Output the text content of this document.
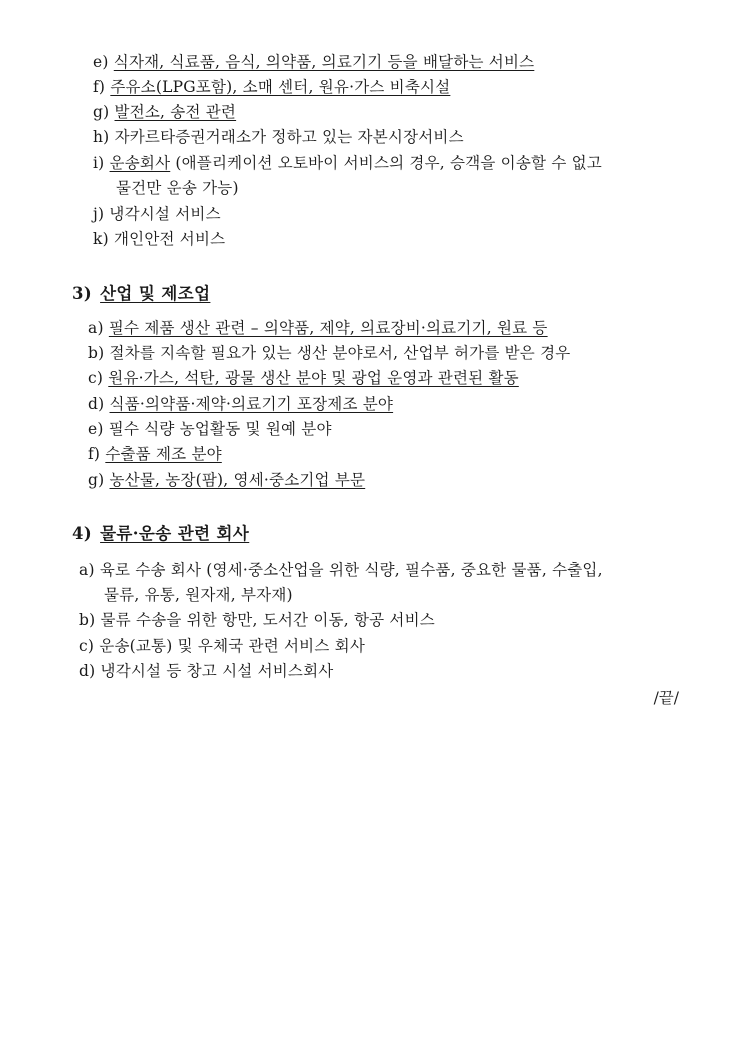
e) 식자재, 식료품, 음식, 의약품, 의료기기 등을 배달하는 서비스
f) 주유소(LPG포함), 소매 센터, 원유·가스 비축시설
g) 발전소, 송전 관련
h) 자카르타증권거래소가 정하고 있는 자본시장서비스
i) 운송회사 (애플리케이션 오토바이 서비스의 경우, 승객을 이송할 수 없고
물건만 운송 가능)
j) 냉각시설 서비스
k) 개인안전 서비스
3) 산업 및 제조업
a) 필수 제품 생산 관련 – 의약품, 제약, 의료장비·의료기기, 원료 등
b) 절차를 지속할 필요가 있는 생산 분야로서, 산업부 허가를 받은 경우
c) 원유·가스, 석탄, 광물 생산 분야 및 광업 운영과 관련된 활동
d) 식품·의약품·제약·의료기기 포장제조 분야
e) 필수 식량 농업활동 및 원예 분야
f) 수출품 제조 분야
g) 농산물, 농장(팜), 영세·중소기업 부문
4) 물류·운송 관련 회사
a) 육로 수송 회사 (영세·중소산업을 위한 식량, 필수품, 중요한 물품, 수출입,
물류, 유통, 원자재, 부자재)
b) 물류 수송을 위한 항만, 도서간 이동, 항공 서비스
c) 운송(교통) 및 우체국 관련 서비스 회사
d) 냉각시설 등 창고 시설 서비스회사
/끝/
